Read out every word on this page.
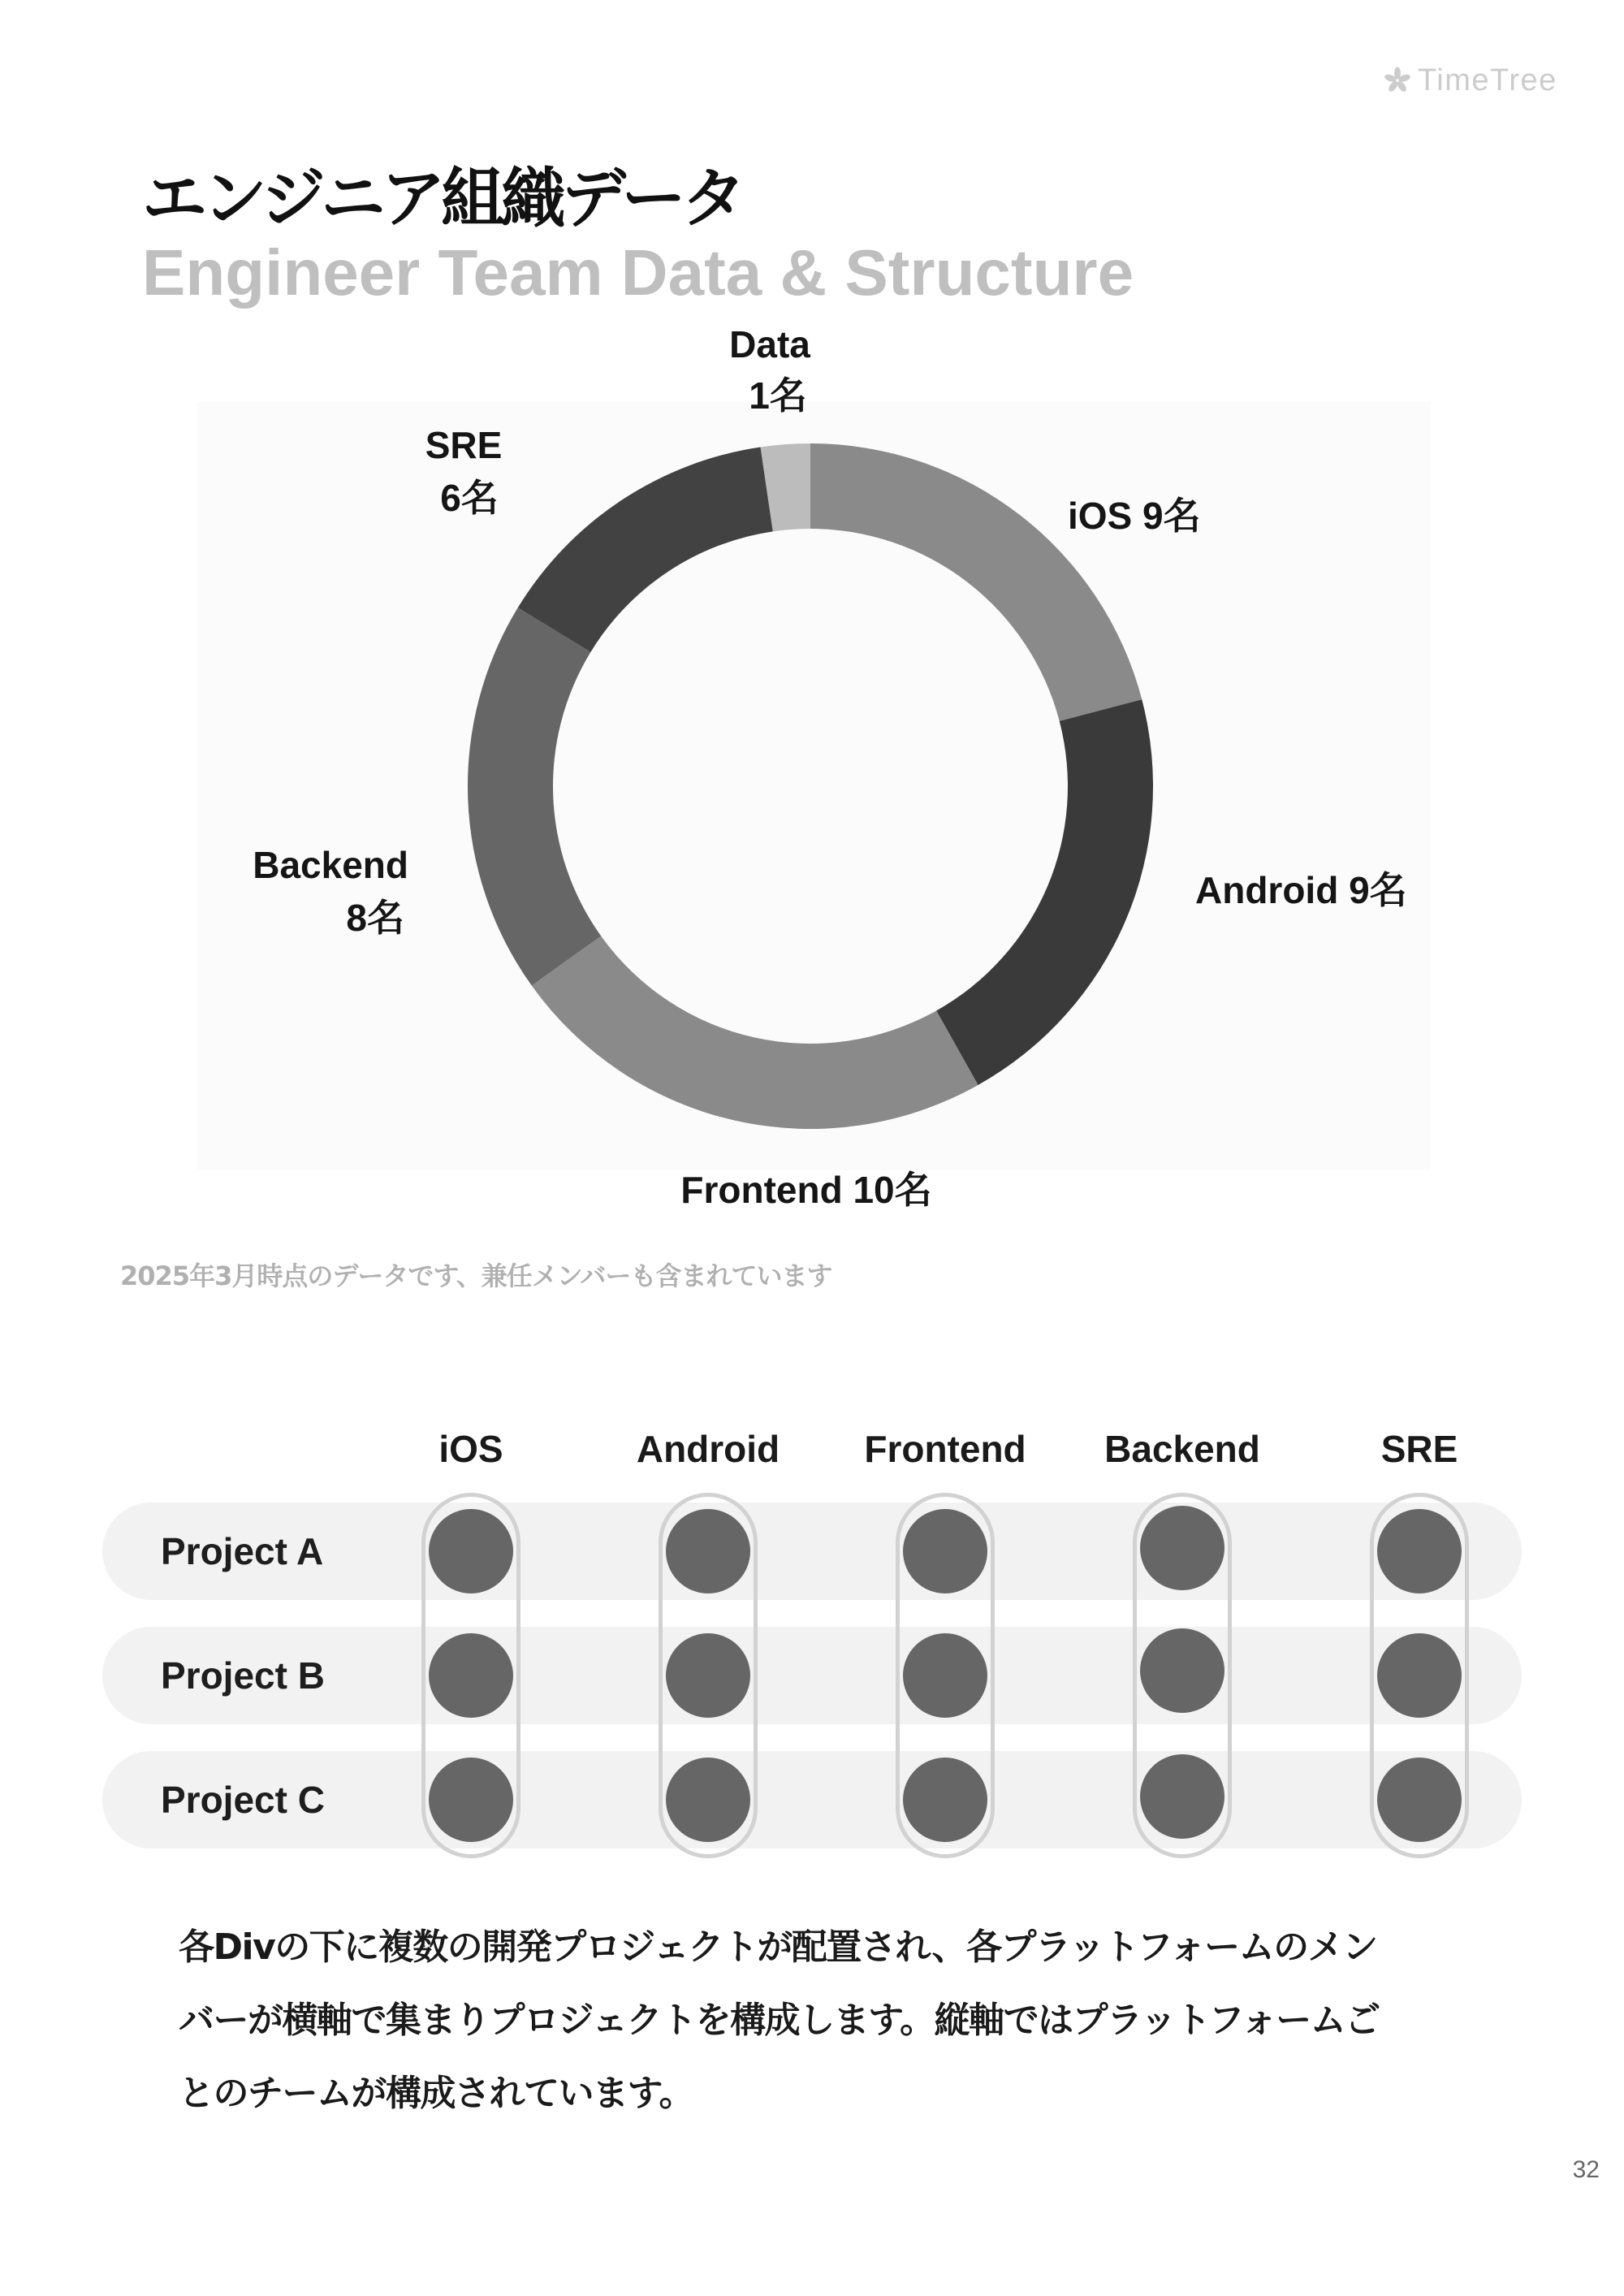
TimeTree
エンジニア組織データ
Engineer Team Data & Structure
iOS 9名
Android 9名
Frontend 10名
Backend
8名
SRE
6名
Data
1名
2025年3月時点のデータです、兼任メンバーも含まれています
iOS	Android	Frontend	Backend	SRE
Project A
Project B
Project C
各Divの下に複数の開発プロジェクトが配置され、各プラットフォームのメン
バーが横軸で集まりプロジェクトを構成します。縦軸ではプラットフォームご
とのチームが構成されています。
32
